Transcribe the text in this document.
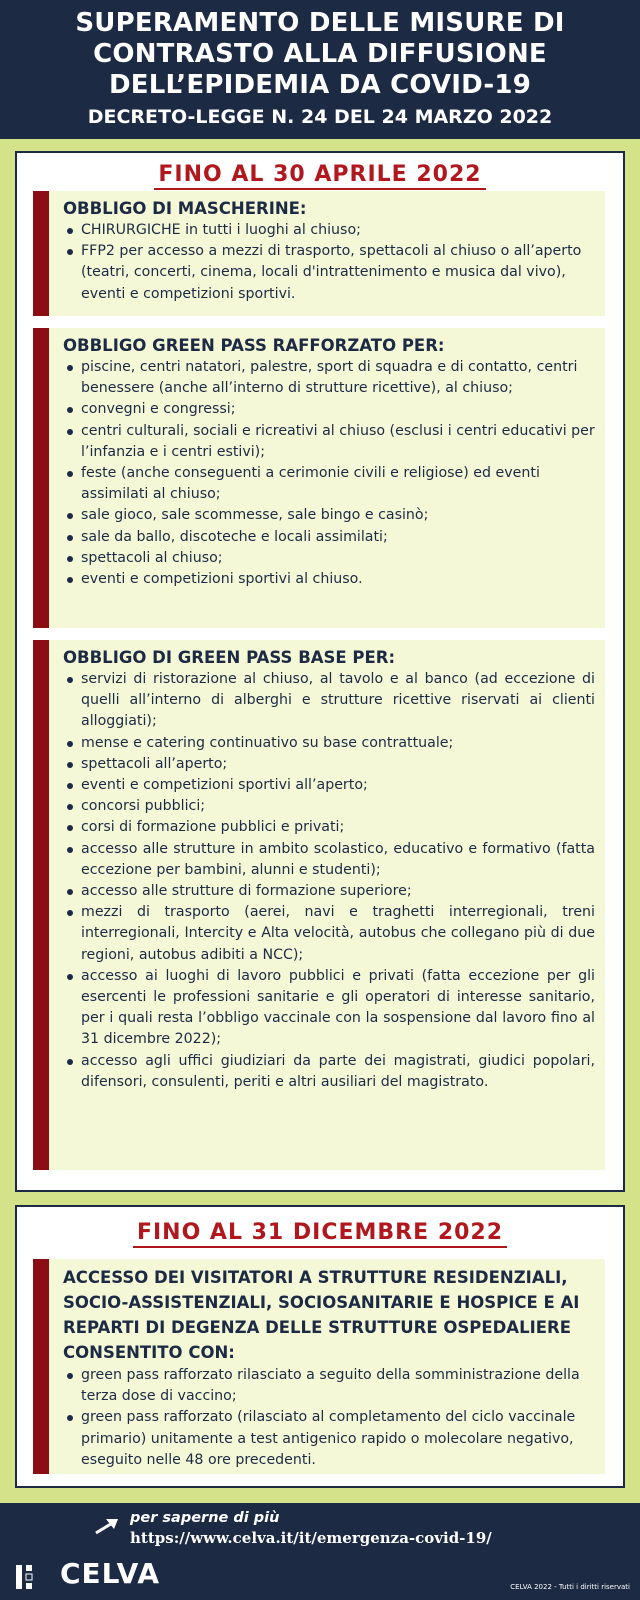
SUPERAMENTO DELLE MISURE DI
CONTRASTO ALLA DIFFUSIONE
DELL’EPIDEMIA DA COVID-19
DECRETO-LEGGE N. 24 DEL 24 MARZO 2022
FINO AL 30 APRILE 2022
OBBLIGO DI MASCHERINE:
CHIRURGICHE in tutti i luoghi al chiuso;
FFP2 per accesso a mezzi di trasporto, spettacoli al chiuso o all’aperto (teatri, concerti, cinema, locali d'intrattenimento e musica dal vivo), eventi e competizioni sportivi.
OBBLIGO GREEN PASS RAFFORZATO PER:
piscine, centri natatori, palestre, sport di squadra e di contatto, centri benessere (anche all’interno di strutture ricettive), al chiuso;
convegni e congressi;
centri culturali, sociali e ricreativi al chiuso (esclusi i centri educativi per l’infanzia e i centri estivi);
feste (anche conseguenti a cerimonie civili e religiose) ed eventi assimilati al chiuso;
sale gioco, sale scommesse, sale bingo e casinò;
sale da ballo, discoteche e locali assimilati;
spettacoli al chiuso;
eventi e competizioni sportivi al chiuso.
OBBLIGO DI GREEN PASS BASE PER:
servizi di ristorazione al chiuso, al tavolo e al banco (ad eccezione di quelli all’interno di alberghi e strutture ricettive riservati ai clienti alloggiati);
mense e catering continuativo su base contrattuale;
spettacoli all’aperto;
eventi e competizioni sportivi all’aperto;
concorsi pubblici;
corsi di formazione pubblici e privati;
accesso alle strutture in ambito scolastico, educativo e formativo (fatta eccezione per bambini, alunni e studenti);
accesso alle strutture di formazione superiore;
mezzi di trasporto (aerei, navi e traghetti interregionali, treni interregionali, Intercity e Alta velocità, autobus che collegano più di due regioni, autobus adibiti a NCC);
accesso ai luoghi di lavoro pubblici e privati (fatta eccezione per gli esercenti le professioni sanitarie e gli operatori di interesse sanitario, per i quali resta l’obbligo vaccinale con la sospensione dal lavoro fino al 31 dicembre 2022);
accesso agli uffici giudiziari da parte dei magistrati, giudici popolari, difensori, consulenti, periti e altri ausiliari del magistrato.
FINO AL 31 DICEMBRE 2022
ACCESSO DEI VISITATORI A STRUTTURE RESIDENZIALI, SOCIO-ASSISTENZIALI, SOCIOSANITARIE E HOSPICE E AI REPARTI DI DEGENZA DELLE STRUTTURE OSPEDALIERE CONSENTITO CON:
green pass rafforzato rilasciato a seguito della somministrazione della terza dose di vaccino;
green pass rafforzato (rilasciato al completamento del ciclo vaccinale primario) unitamente a test antigenico rapido o molecolare negativo, eseguito nelle 48 ore precedenti.
per saperne di più
https://www.celva.it/it/emergenza-covid-19/
CELVA	CELVA 2022 - Tutti i diritti riservati
